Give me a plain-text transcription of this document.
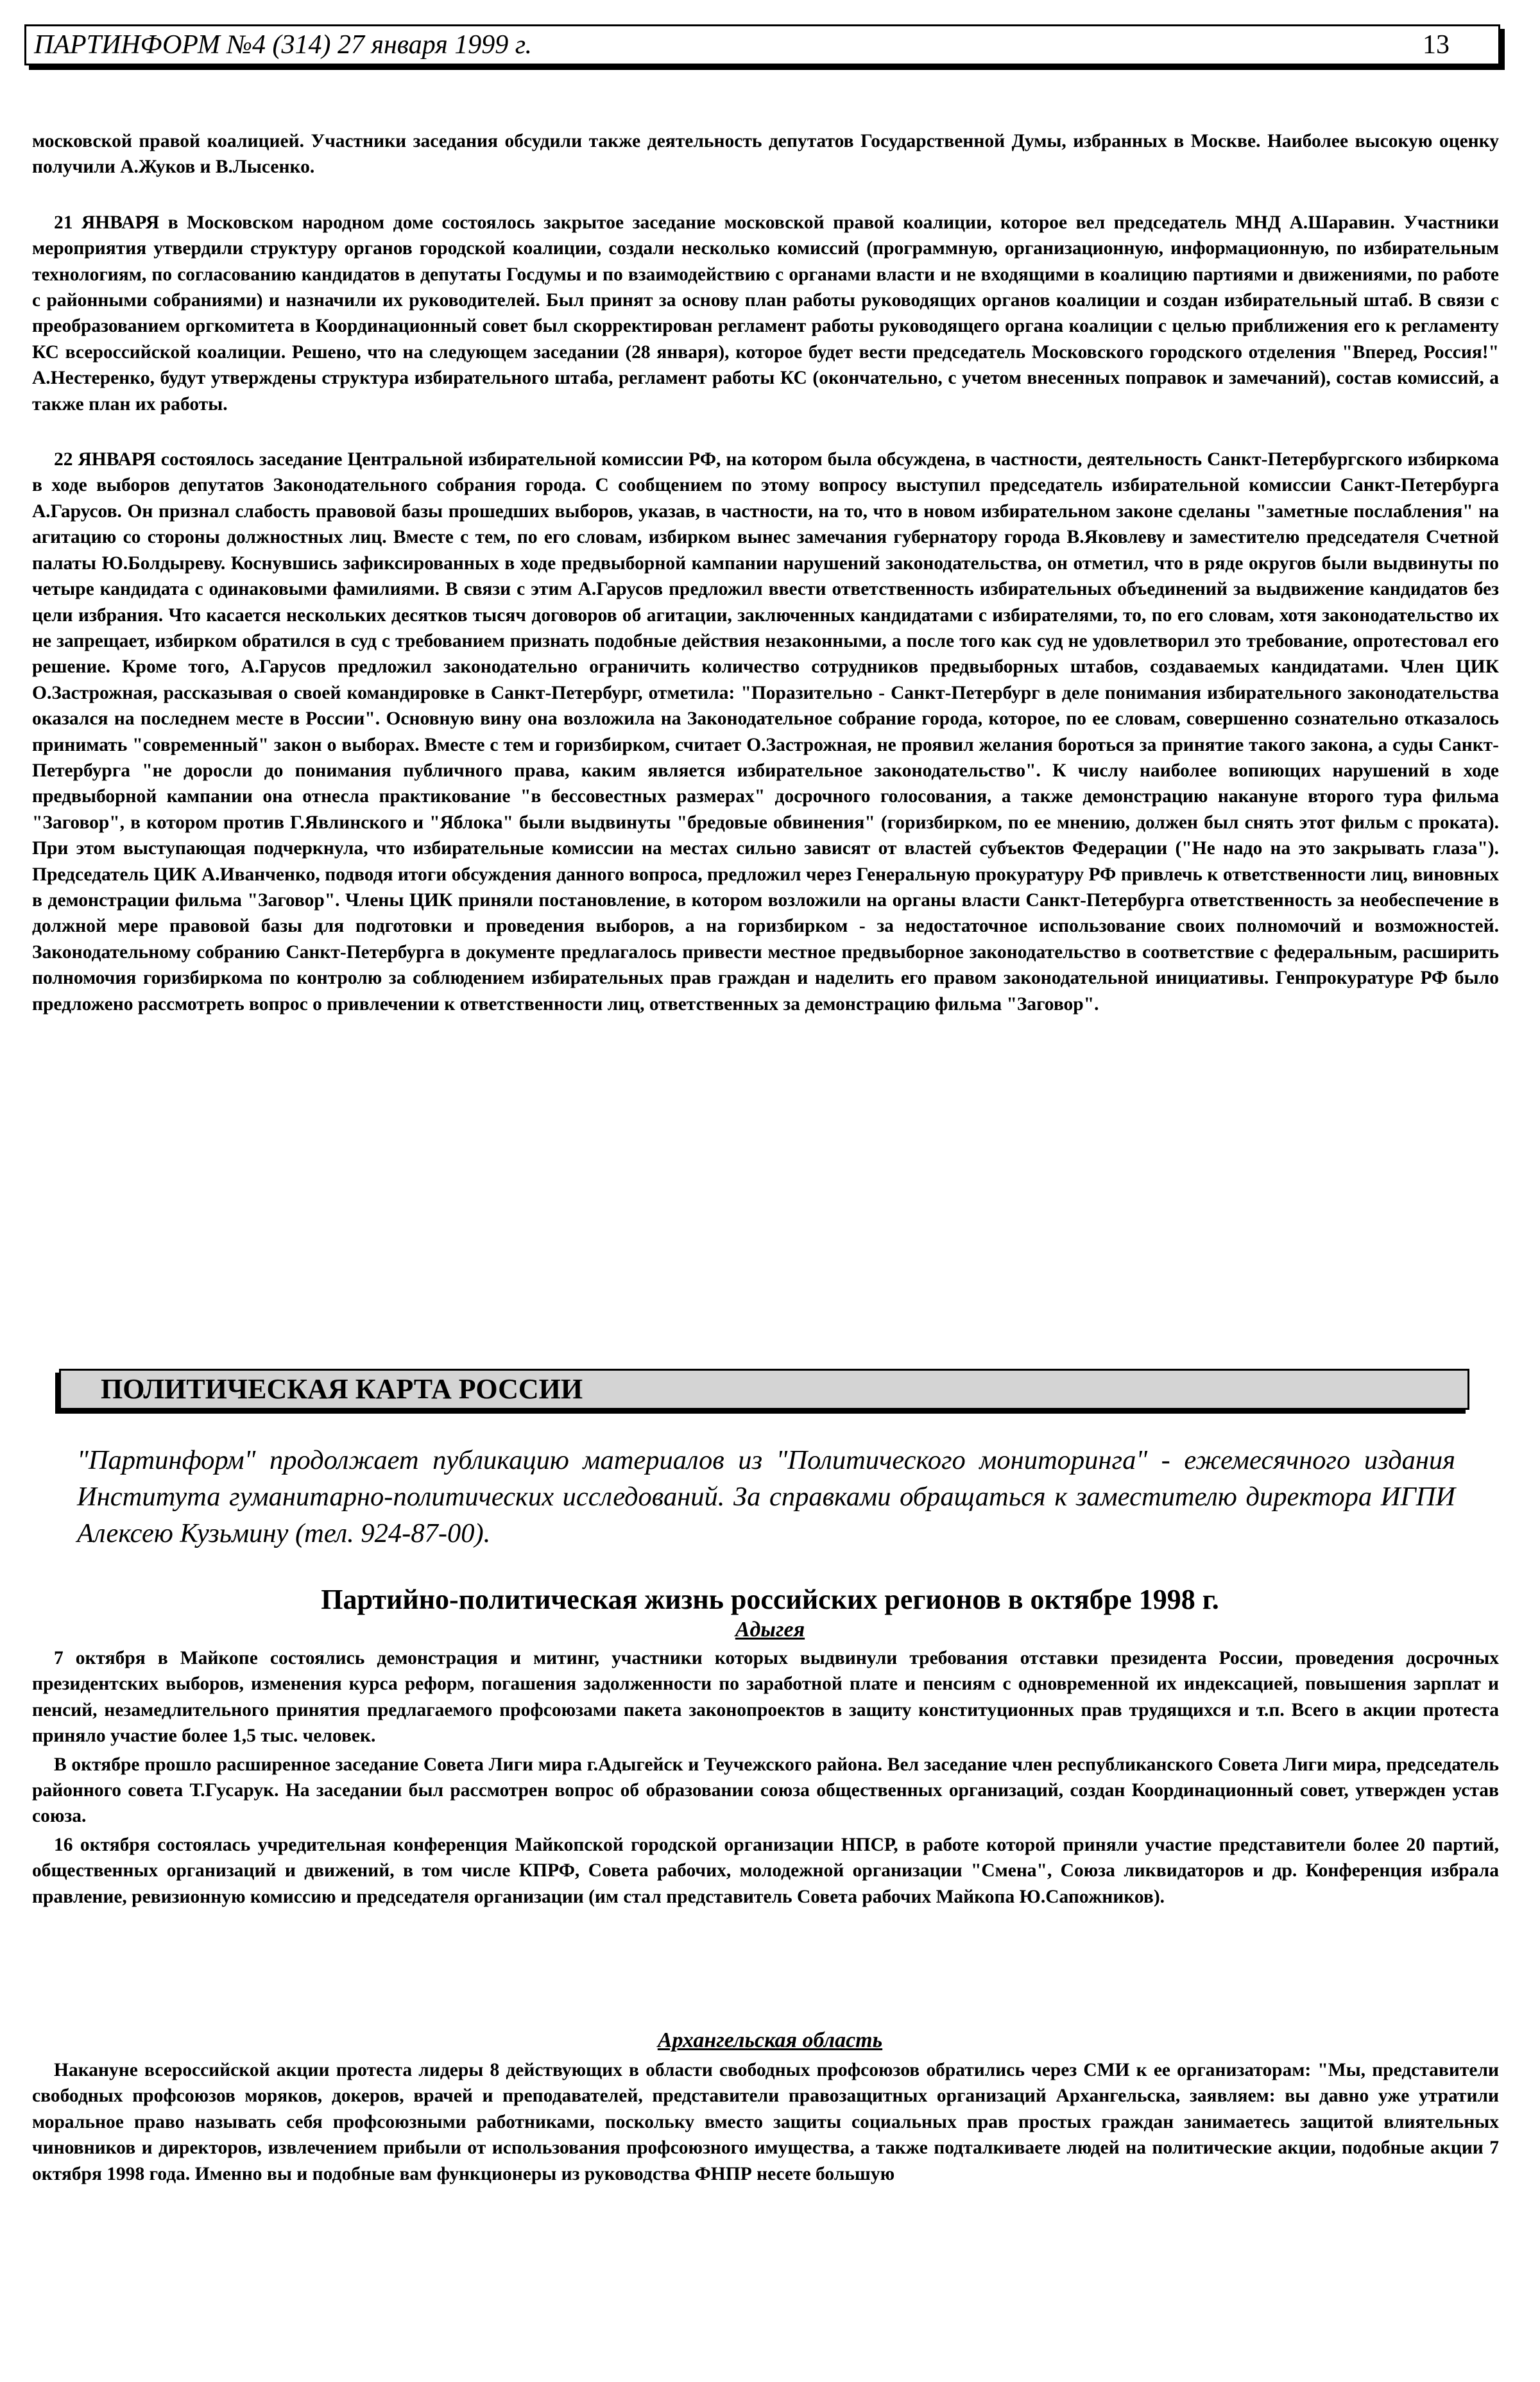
ПАРТИНФОРМ №4 (314) 27 января 1999 г.	13

московской правой коалицией. Участники заседания обсудили также деятельность депутатов Государственной Думы, избранных в Москве. Наиболее высокую оценку получили А.Жуков и В.Лысенко.

21 ЯНВАРЯ в Московском народном доме состоялось закрытое заседание московской правой коалиции, которое вел председатель МНД А.Шаравин. Участники мероприятия утвердили структуру органов городской коалиции, создали несколько комиссий (программную, организационную, информационную, по избирательным технологиям, по согласованию кандидатов в депутаты Госдумы и по взаимодействию с органами власти и не входящими в коалицию партиями и движениями, по работе с районными собраниями) и назначили их руководителей. Был принят за основу план работы руководящих органов коалиции и создан избирательный штаб. В связи с преобразованием оргкомитета в Координационный совет был скорректирован регламент работы руководящего органа коалиции с целью приближения его к регламенту КС всероссийской коалиции. Решено, что на следующем заседании (28 января), которое будет вести председатель Московского городского отделения "Вперед, Россия!" А.Нестеренко, будут утверждены структура избирательного штаба, регламент работы КС (окончательно, с учетом внесенных поправок и замечаний), состав комиссий, а также план их работы.

22 ЯНВАРЯ состоялось заседание Центральной избирательной комиссии РФ, на котором была обсуждена, в частности, деятельность Санкт-Петербургского избиркома в ходе выборов депутатов Законодательного собрания города. С сообщением по этому вопросу выступил председатель избирательной комиссии Санкт-Петербурга А.Гарусов. Он признал слабость правовой базы прошедших выборов, указав, в частности, на то, что в новом избирательном законе сделаны "заметные послабления" на агитацию со стороны должностных лиц. Вместе с тем, по его словам, избирком вынес замечания губернатору города В.Яковлеву и заместителю председателя Счетной палаты Ю.Болдыреву. Коснувшись зафиксированных в ходе предвыборной кампании нарушений законодательства, он отметил, что в ряде округов были выдвинуты по четыре кандидата с одинаковыми фамилиями. В связи с этим А.Гарусов предложил ввести ответственность избирательных объединений за выдвижение кандидатов без цели избрания. Что касается нескольких десятков тысяч договоров об агитации, заключенных кандидатами с избирателями, то, по его словам, хотя законодательство их не запрещает, избирком обратился в суд с требованием признать подобные действия незаконными, а после того как суд не удовлетворил это требование, опротестовал его решение. Кроме того, А.Гарусов предложил законодательно ограничить количество сотрудников предвыборных штабов, создаваемых кандидатами. Член ЦИК О.Застрожная, рассказывая о своей командировке в Санкт-Петербург, отметила: "Поразительно - Санкт-Петербург в деле понимания избирательного законодательства оказался на последнем месте в России". Основную вину она возложила на Законодательное собрание города, которое, по ее словам, совершенно сознательно отказалось принимать "современный" закон о выборах. Вместе с тем и горизбирком, считает О.Застрожная, не проявил желания бороться за принятие такого закона, а суды Санкт-Петербурга "не доросли до понимания публичного права, каким является избирательное законодательство". К числу наиболее вопиющих нарушений в ходе предвыборной кампании она отнесла практикование "в бессовестных размерах" досрочного голосования, а также демонстрацию накануне второго тура фильма "Заговор", в котором против Г.Явлинского и "Яблока" были выдвинуты "бредовые обвинения" (горизбирком, по ее мнению, должен был снять этот фильм с проката). При этом выступающая подчеркнула, что избирательные комиссии на местах сильно зависят от властей субъектов Федерации ("Не надо на это закрывать глаза"). Председатель ЦИК А.Иванченко, подводя итоги обсуждения данного вопроса, предложил через Генеральную прокуратуру РФ привлечь к ответственности лиц, виновных в демонстрации фильма "Заговор". Члены ЦИК приняли постановление, в котором возложили на органы власти Санкт-Петербурга ответственность за необеспечение в должной мере правовой базы для подготовки и проведения выборов, а на горизбирком - за недостаточное использование своих полномочий и возможностей. Законодательному собранию Санкт-Петербурга в документе предлагалось привести местное предвыборное законодательство в соответствие с федеральным, расширить полномочия горизбиркома по контролю за соблюдением избирательных прав граждан и наделить его правом законодательной инициативы. Генпрокуратуре РФ было предложено рассмотреть вопрос о привлечении к ответственности лиц, ответственных за демонстрацию фильма "Заговор".

ПОЛИТИЧЕСКАЯ КАРТА РОССИИ
"Партинформ" продолжает публикацию материалов из "Политического мониторинга" - ежемесячного издания Института гуманитарно-политических исследований. За справками обращаться к заместителю директора ИГПИ Алексею Кузьмину (тел. 924-87-00).
Партийно-политическая жизнь российских регионов в октябре 1998 г.
Адыгея

7 октября в Майкопе состоялись демонстрация и митинг, участники которых выдвинули требования отставки президента России, проведения досрочных президентских выборов, изменения курса реформ, погашения задолженности по заработной плате и пенсиям с одновременной их индексацией, повышения зарплат и пенсий, незамедлительного принятия предлагаемого профсоюзами пакета законопроектов в защиту конституционных прав трудящихся и т.п. Всего в акции протеста приняло участие более 1,5 тыс. человек.

В октябре прошло расширенное заседание Совета Лиги мира г.Адыгейск и Теучежского района. Вел заседание член республиканского Совета Лиги мира, председатель районного совета Т.Гусарук. На заседании был рассмотрен вопрос об образовании союза общественных организаций, создан Координационный совет, утвержден устав союза.

16 октября состоялась учредительная конференция Майкопской городской организации НПСР, в работе которой приняли участие представители более 20 партий, общественных организаций и движений, в том числе КПРФ, Совета рабочих, молодежной организации "Смена", Союза ликвидаторов и др. Конференция избрала правление, ревизионную комиссию и председателя организации (им стал представитель Совета рабочих Майкопа Ю.Сапожников).

Архангельская область

Накануне всероссийской акции протеста лидеры 8 действующих в области свободных профсоюзов обратились через СМИ к ее организаторам: "Мы, представители свободных профсоюзов моряков, докеров, врачей и преподавателей, представители правозащитных организаций Архангельска, заявляем: вы давно уже утратили моральное право называть себя профсоюзными работниками, поскольку вместо защиты социальных прав простых граждан занимаетесь защитой влиятельных чиновников и директоров, извлечением прибыли от использования профсоюзного имущества, а также подталкиваете людей на политические акции, подобные акции 7 октября 1998 года. Именно вы и подобные вам функционеры из руководства ФНПР несете большую
